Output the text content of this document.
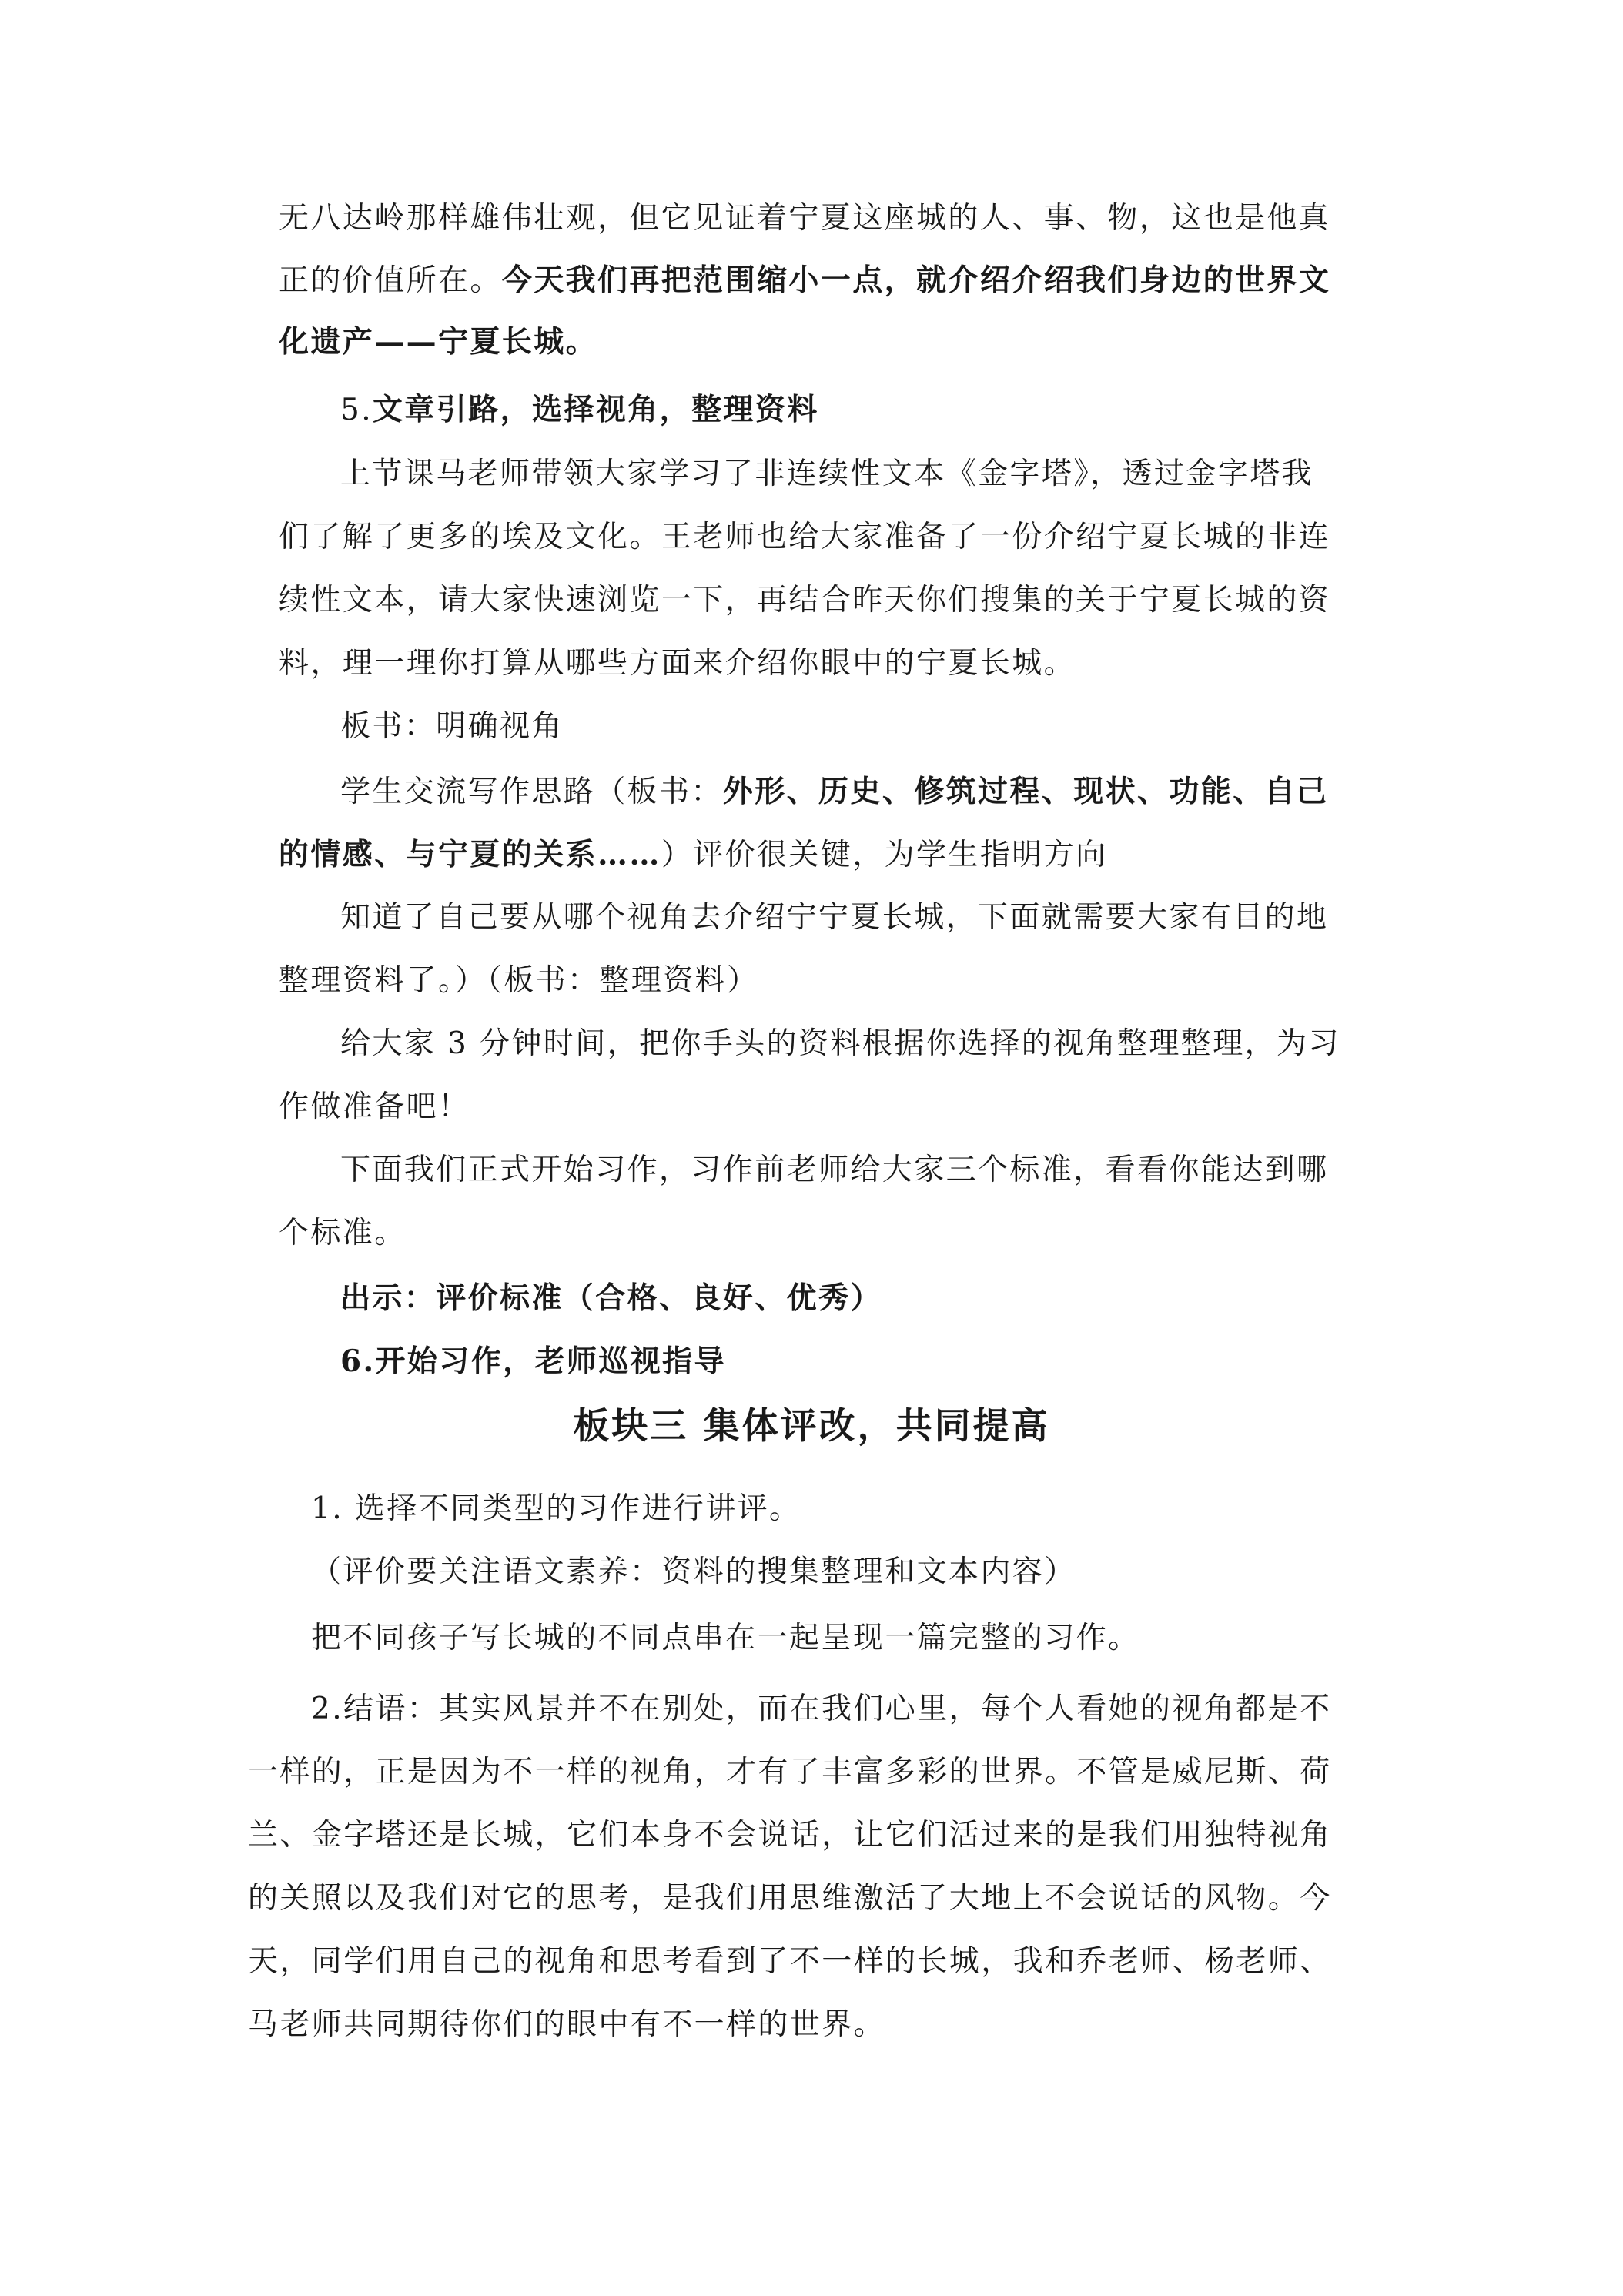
无八达岭那样雄伟壮观，但它见证着宁夏这座城的人、事、物，这也是他真
正的价值所在。今天我们再把范围缩小一点，就介绍介绍我们身边的世界文
化遗产——宁夏长城。
5.文章引路，选择视角，整理资料
上节课马老师带领大家学习了非连续性文本《金字塔》，透过金字塔我
们了解了更多的埃及文化。王老师也给大家准备了一份介绍宁夏长城的非连
续性文本，请大家快速浏览一下，再结合昨天你们搜集的关于宁夏长城的资
料，理一理你打算从哪些方面来介绍你眼中的宁夏长城。
板书：明确视角
学生交流写作思路（板书：外形、历史、修筑过程、现状、功能、自己
的情感、与宁夏的关系……）评价很关键，为学生指明方向
知道了自己要从哪个视角去介绍宁宁夏长城，下面就需要大家有目的地
整理资料了。）（板书：整理资料）
给大家 3 分钟时间，把你手头的资料根据你选择的视角整理整理，为习
作做准备吧！
下面我们正式开始习作，习作前老师给大家三个标准，看看你能达到哪
个标准。
出示：评价标准（合格、良好、优秀）
6.开始习作，老师巡视指导
板块三 集体评改，共同提高
1. 选择不同类型的习作进行讲评。
（评价要关注语文素养：资料的搜集整理和文本内容）
把不同孩子写长城的不同点串在一起呈现一篇完整的习作。
2.结语：其实风景并不在别处，而在我们心里，每个人看她的视角都是不
一样的，正是因为不一样的视角，才有了丰富多彩的世界。不管是威尼斯、荷
兰、金字塔还是长城，它们本身不会说话，让它们活过来的是我们用独特视角
的关照以及我们对它的思考，是我们用思维激活了大地上不会说话的风物。今
天，同学们用自己的视角和思考看到了不一样的长城，我和乔老师、杨老师、
马老师共同期待你们的眼中有不一样的世界。
